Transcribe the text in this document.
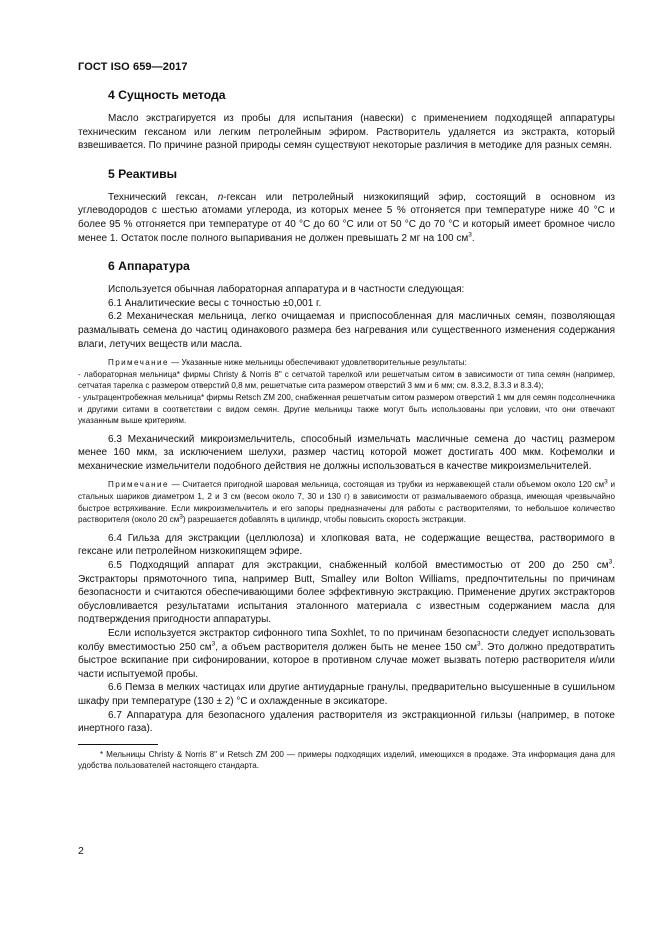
ГОСТ ISO 659—2017
4 Сущность метода

Масло экстрагируется из пробы для испытания (навески) с применением подходящей аппаратуры техническим гексаном или легким петролейным эфиром. Растворитель удаляется из экстракта, который взвешивается. По причине разной природы семян существуют некоторые различия в методике для разных семян.

5 Реактивы

Технический гексан, n-гексан или петролейный низкокипящий эфир, состоящий в основном из углеводородов с шестью атомами углерода, из которых менее 5 % отгоняется при температуре ниже 40 °С и более 95 % отгоняется при температуре от 40 °С до 60 °С или от 50 °С до 70 °С и который имеет бромное число менее 1. Остаток после полного выпаривания не должен превышать 2 мг на 100 $см^3$.

6 Аппаратура

Используется обычная лабораторная аппаратура и в частности следующая:

6.1 Аналитические весы с точностью ±0,001 г.

6.2 Механическая мельница, легко очищаемая и приспособленная для масличных семян, позволяющая размалывать семена до частиц одинакового размера без нагревания или существенного изменения содержания влаги, летучих веществ или масла.

Примечание — Указанные ниже мельницы обеспечивают удовлетворительные результаты:

- лабораторная мельница* фирмы Christy & Norris 8" с сетчатой тарелкой или решетчатым ситом в зависимости от типа семян (например, сетчатая тарелка с размером отверстий 0,8 мм, решетчатые сита размером отверстий 3 мм и 6 мм; см. 8.3.2, 8.3.3 и 8.3.4);

- ультрацентробежная мельница* фирмы Retsch ZM 200, снабженная решетчатым ситом размером отверстий 1 мм для семян подсолнечника и другими ситами в соответствии с видом семян. Другие мельницы также могут быть использованы при условии, что они отвечают указанным выше критериям.

6.3 Механический микроизмельчитель, способный измельчать масличные семена до частиц размером менее 160 мкм, за исключением шелухи, размер частиц которой может достигать 400 мкм. Кофемолки и механические измельчители подобного действия не должны использоваться в качестве микроизмельчителей.

Примечание — Считается пригодной шаровая мельница, состоящая из трубки из нержавеющей стали объемом около 120 $см^3$ и стальных шариков диаметром 1, 2 и 3 см (весом около 7, 30 и 130 г) в зависимости от размалываемого образца, имеющая чрезвычайно быстрое встряхивание. Если микроизмельчитель и его запоры предназначены для работы с растворителями, то небольшое количество растворителя (около 20 $см^3$) разрешается добавлять в цилиндр, чтобы повысить скорость экстракции.

6.4 Гильза для экстракции (целлюлоза) и хлопковая вата, не содержащие вещества, растворимого в гексане или петролейном низкокипящем эфире.

6.5 Подходящий аппарат для экстракции, снабженный колбой вместимостью от 200 до 250 $см^3$. Экстракторы прямоточного типа, например Butt, Smalley или Bolton Williams, предпочтительны по причинам безопасности и считаются обеспечивающими более эффективную экстракцию. Применение других экстракторов обусловливается результатами испытания эталонного материала с известным содержанием масла для подтверждения пригодности аппаратуры.

Если используется экстрактор сифонного типа Soxhlet, то по причинам безопасности следует использовать колбу вместимостью 250 $см^3$, а объем растворителя должен быть не менее 150 $см^3$. Это должно предотвратить быстрое вскипание при сифонировании, которое в противном случае может вызвать потерю растворителя и/или части испытуемой пробы.

6.6 Пемза в мелких частицах или другие антиударные гранулы, предварительно высушенные в сушильном шкафу при температуре (130 ± 2) °С и охлажденные в эксикаторе.

6.7 Аппаратура для безопасного удаления растворителя из экстракционной гильзы (например, в потоке инертного газа).

* Мельницы Christy & Norris 8" и Retsch ZM 200 — примеры подходящих изделий, имеющихся в продаже. Эта информация дана для удобства пользователей настоящего стандарта.

2
